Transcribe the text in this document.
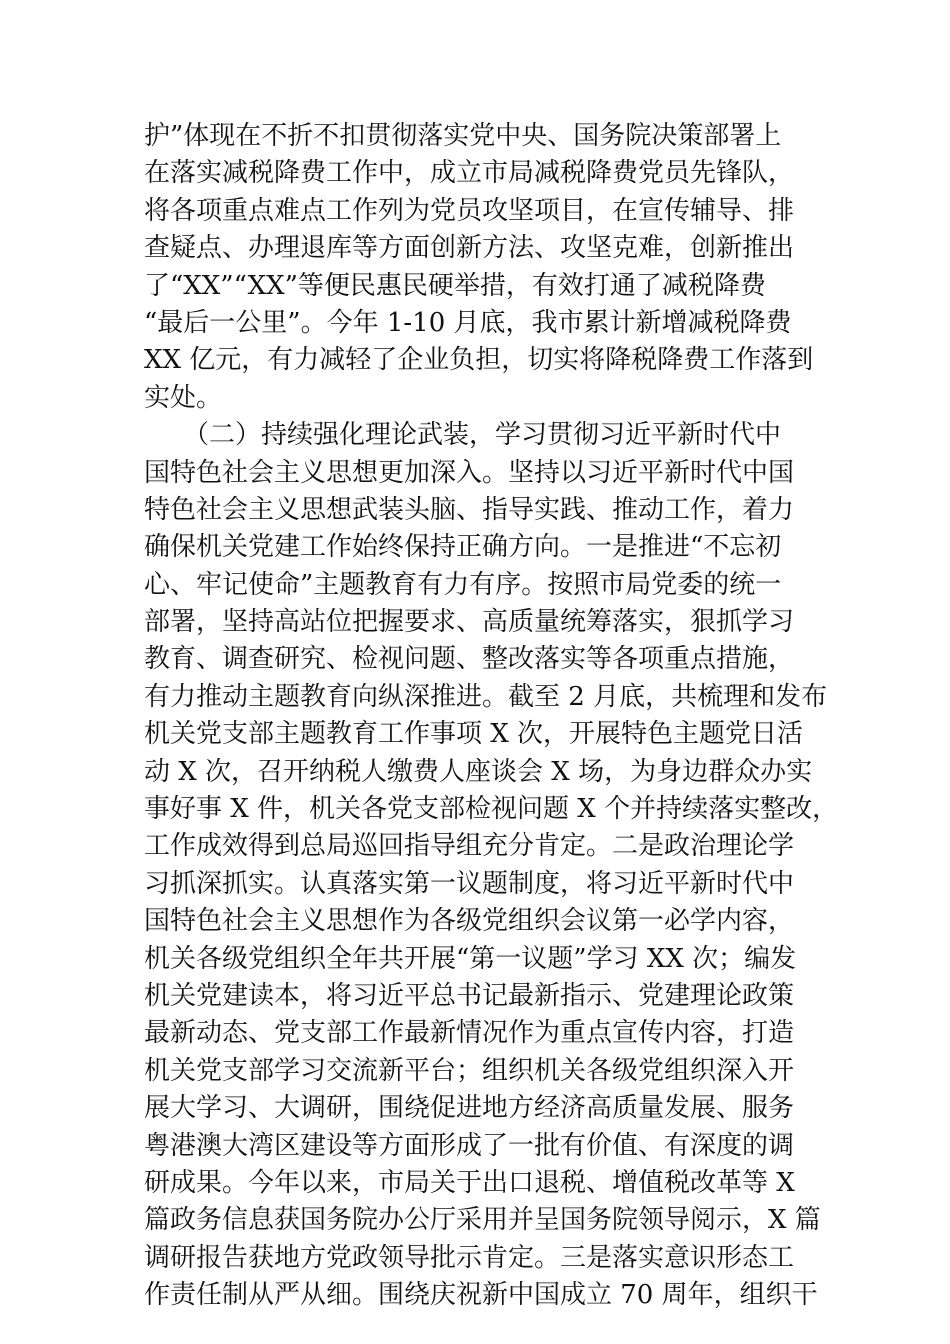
护”体现在不折不扣贯彻落实党中央、国务院决策部署上
在落实减税降费工作中，成立市局减税降费党员先锋队，
将各项重点难点工作列为党员攻坚项目，在宣传辅导、排
查疑点、办理退库等方面创新方法、攻坚克难，创新推出
了“XX”“XX”等便民惠民硬举措，有效打通了减税降费
“最后一公里”。今年 1-10 月底，我市累计新增减税降费
XX 亿元，有力减轻了企业负担，切实将降税降费工作落到
实处。
　　（二）持续强化理论武装，学习贯彻习近平新时代中
国特色社会主义思想更加深入。坚持以习近平新时代中国
特色社会主义思想武装头脑、指导实践、推动工作，着力
确保机关党建工作始终保持正确方向。一是推进“不忘初
心、牢记使命”主题教育有力有序。按照市局党委的统一
部署，坚持高站位把握要求、高质量统筹落实，狠抓学习
教育、调查研究、检视问题、整改落实等各项重点措施，
有力推动主题教育向纵深推进。截至 2 月底，共梳理和发布
机关党支部主题教育工作事项 X 次，开展特色主题党日活
动 X 次，召开纳税人缴费人座谈会 X 场，为身边群众办实
事好事 X 件，机关各党支部检视问题 X 个并持续落实整改，
工作成效得到总局巡回指导组充分肯定。二是政治理论学
习抓深抓实。认真落实第一议题制度，将习近平新时代中
国特色社会主义思想作为各级党组织会议第一必学内容，
机关各级党组织全年共开展“第一议题”学习 XX 次；编发
机关党建读本，将习近平总书记最新指示、党建理论政策
最新动态、党支部工作最新情况作为重点宣传内容，打造
机关党支部学习交流新平台；组织机关各级党组织深入开
展大学习、大调研，围绕促进地方经济高质量发展、服务
粤港澳大湾区建设等方面形成了一批有价值、有深度的调
研成果。今年以来，市局关于出口退税、增值税改革等 X
篇政务信息获国务院办公厅采用并呈国务院领导阅示，X 篇
调研报告获地方党政领导批示肯定。三是落实意识形态工
作责任制从严从细。围绕庆祝新中国成立 70 周年，组织干
